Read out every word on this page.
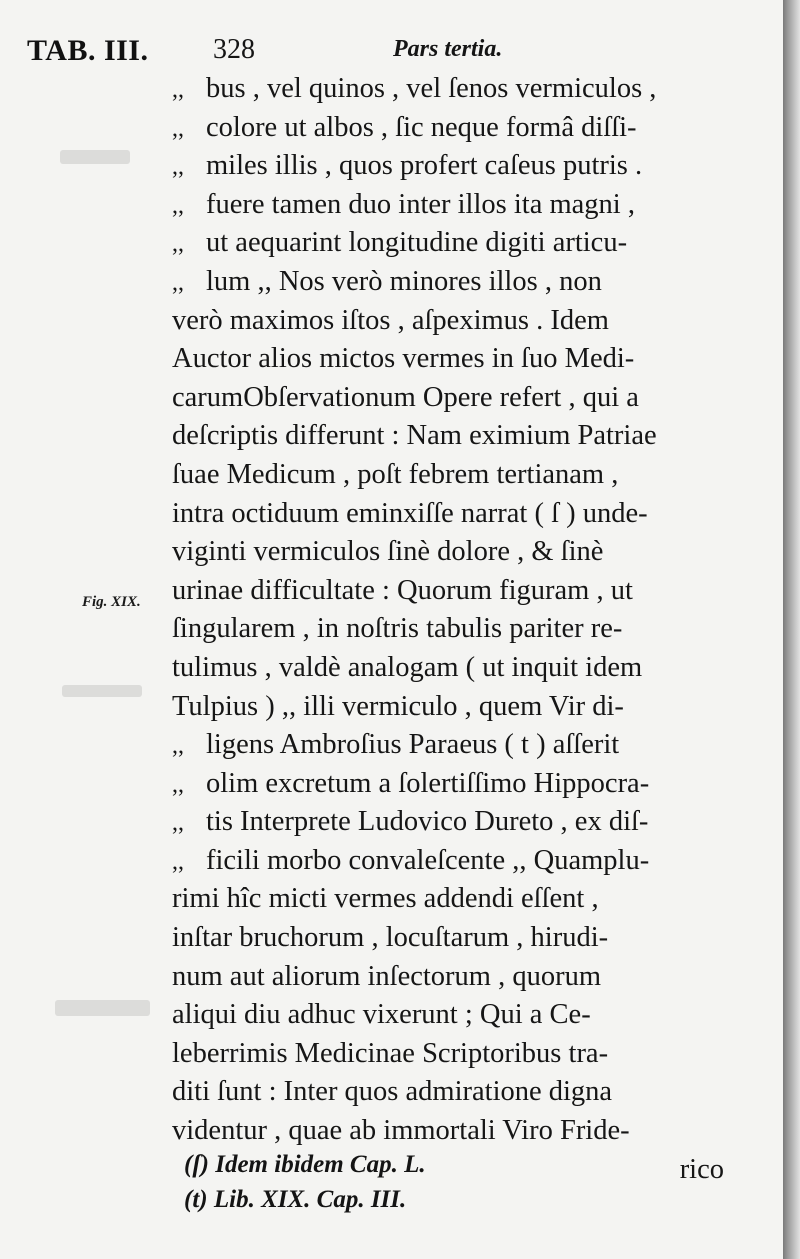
TAB. III. 328	Pars tertia.
Fig. XIX.
,, bus , vel quinos , vel ſenos vermiculos ,
,, colore ut albos , ſic neque formâ diſſi-
,, miles illis , quos profert caſeus putris .
,, fuere tamen duo inter illos ita magni ,
,, ut aequarint longitudine digiti articu-
,, lum ,, Nos verò minores illos , non
verò maximos iſtos , aſpeximus . Idem
Auctor alios mictos vermes in ſuo Medi-
carumObſervationum Opere refert , qui a
deſcriptis differunt : Nam eximium Patriae
ſuae Medicum , poſt febrem tertianam ,
intra octiduum eminxiſſe narrat ( ſ ) unde-
viginti vermiculos ſinè dolore , & ſinè
urinae difficultate : Quorum figuram , ut
ſingularem , in noſtris tabulis pariter re-
tulimus , valdè analogam ( ut inquit idem
Tulpius ) ,, illi vermiculo , quem Vir di-
,, ligens Ambroſius Paraeus ( t ) aſſerit
,, olim excretum a ſolertiſſimo Hippocra-
,, tis Interprete Ludovico Dureto , ex diſ-
,, ficili morbo convaleſcente ,, Quamplu-
rimi hîc micti vermes addendi eſſent ,
inſtar bruchorum , locuſtarum , hirudi-
num aut aliorum inſectorum , quorum
aliqui diu adhuc vixerunt ; Qui a Ce-
leberrimis Medicinae Scriptoribus tra-
diti ſunt : Inter quos admiratione digna
videntur , quae ab immortali Viro Fride-
rico
(ſ) Idem ibidem Cap. L.
(t) Lib. XIX. Cap. III.
